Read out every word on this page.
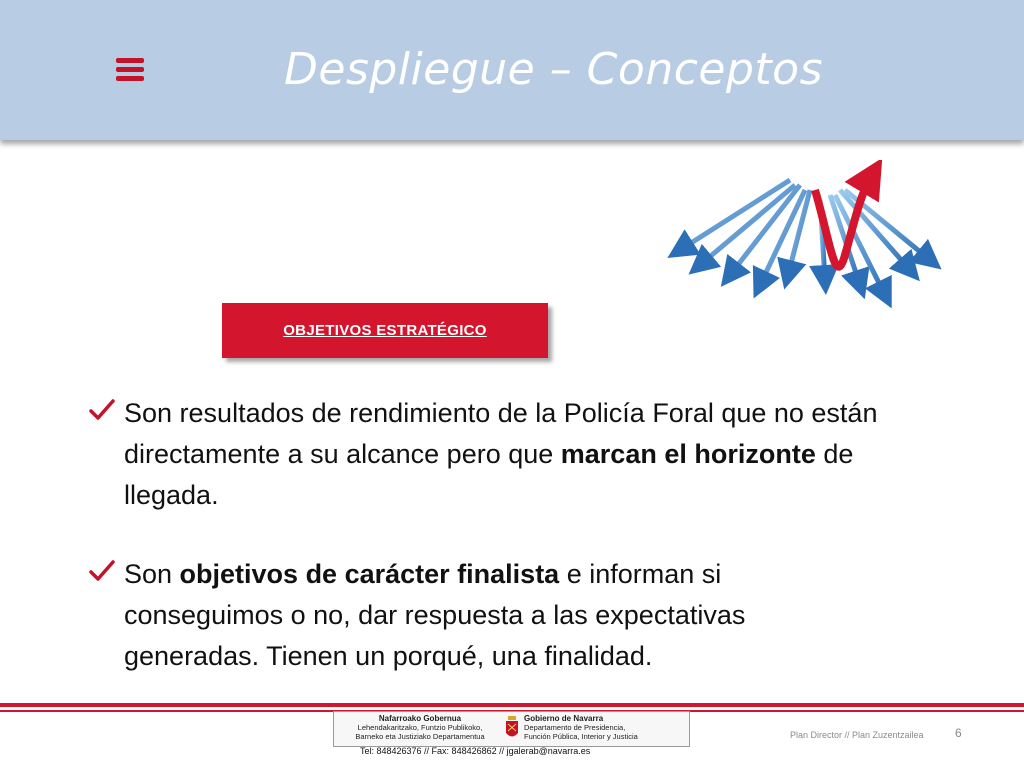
Despliegue – Conceptos
OBJETIVOS ESTRATÉGICO
Son resultados de rendimiento de la Policía Foral que no están directamente a su alcance pero que marcan el horizonte de llegada.
Son objetivos de carácter finalista e informan si conseguimos o no, dar respuesta a las expectativas generadas. Tienen un porqué, una finalidad.
Nafarroako Gobernua
Lehendakaritzako, Funtzio Publikoko,
Barneko eta Justiziako Departamentua
Gobierno de Navarra
Departamento de Presidencia,
Función Pública, Interior y Justicia
Tel: 848426376 // Fax: 848426862 // jgalerab@navarra.es
Plan Director // Plan Zuzentzailea	6
